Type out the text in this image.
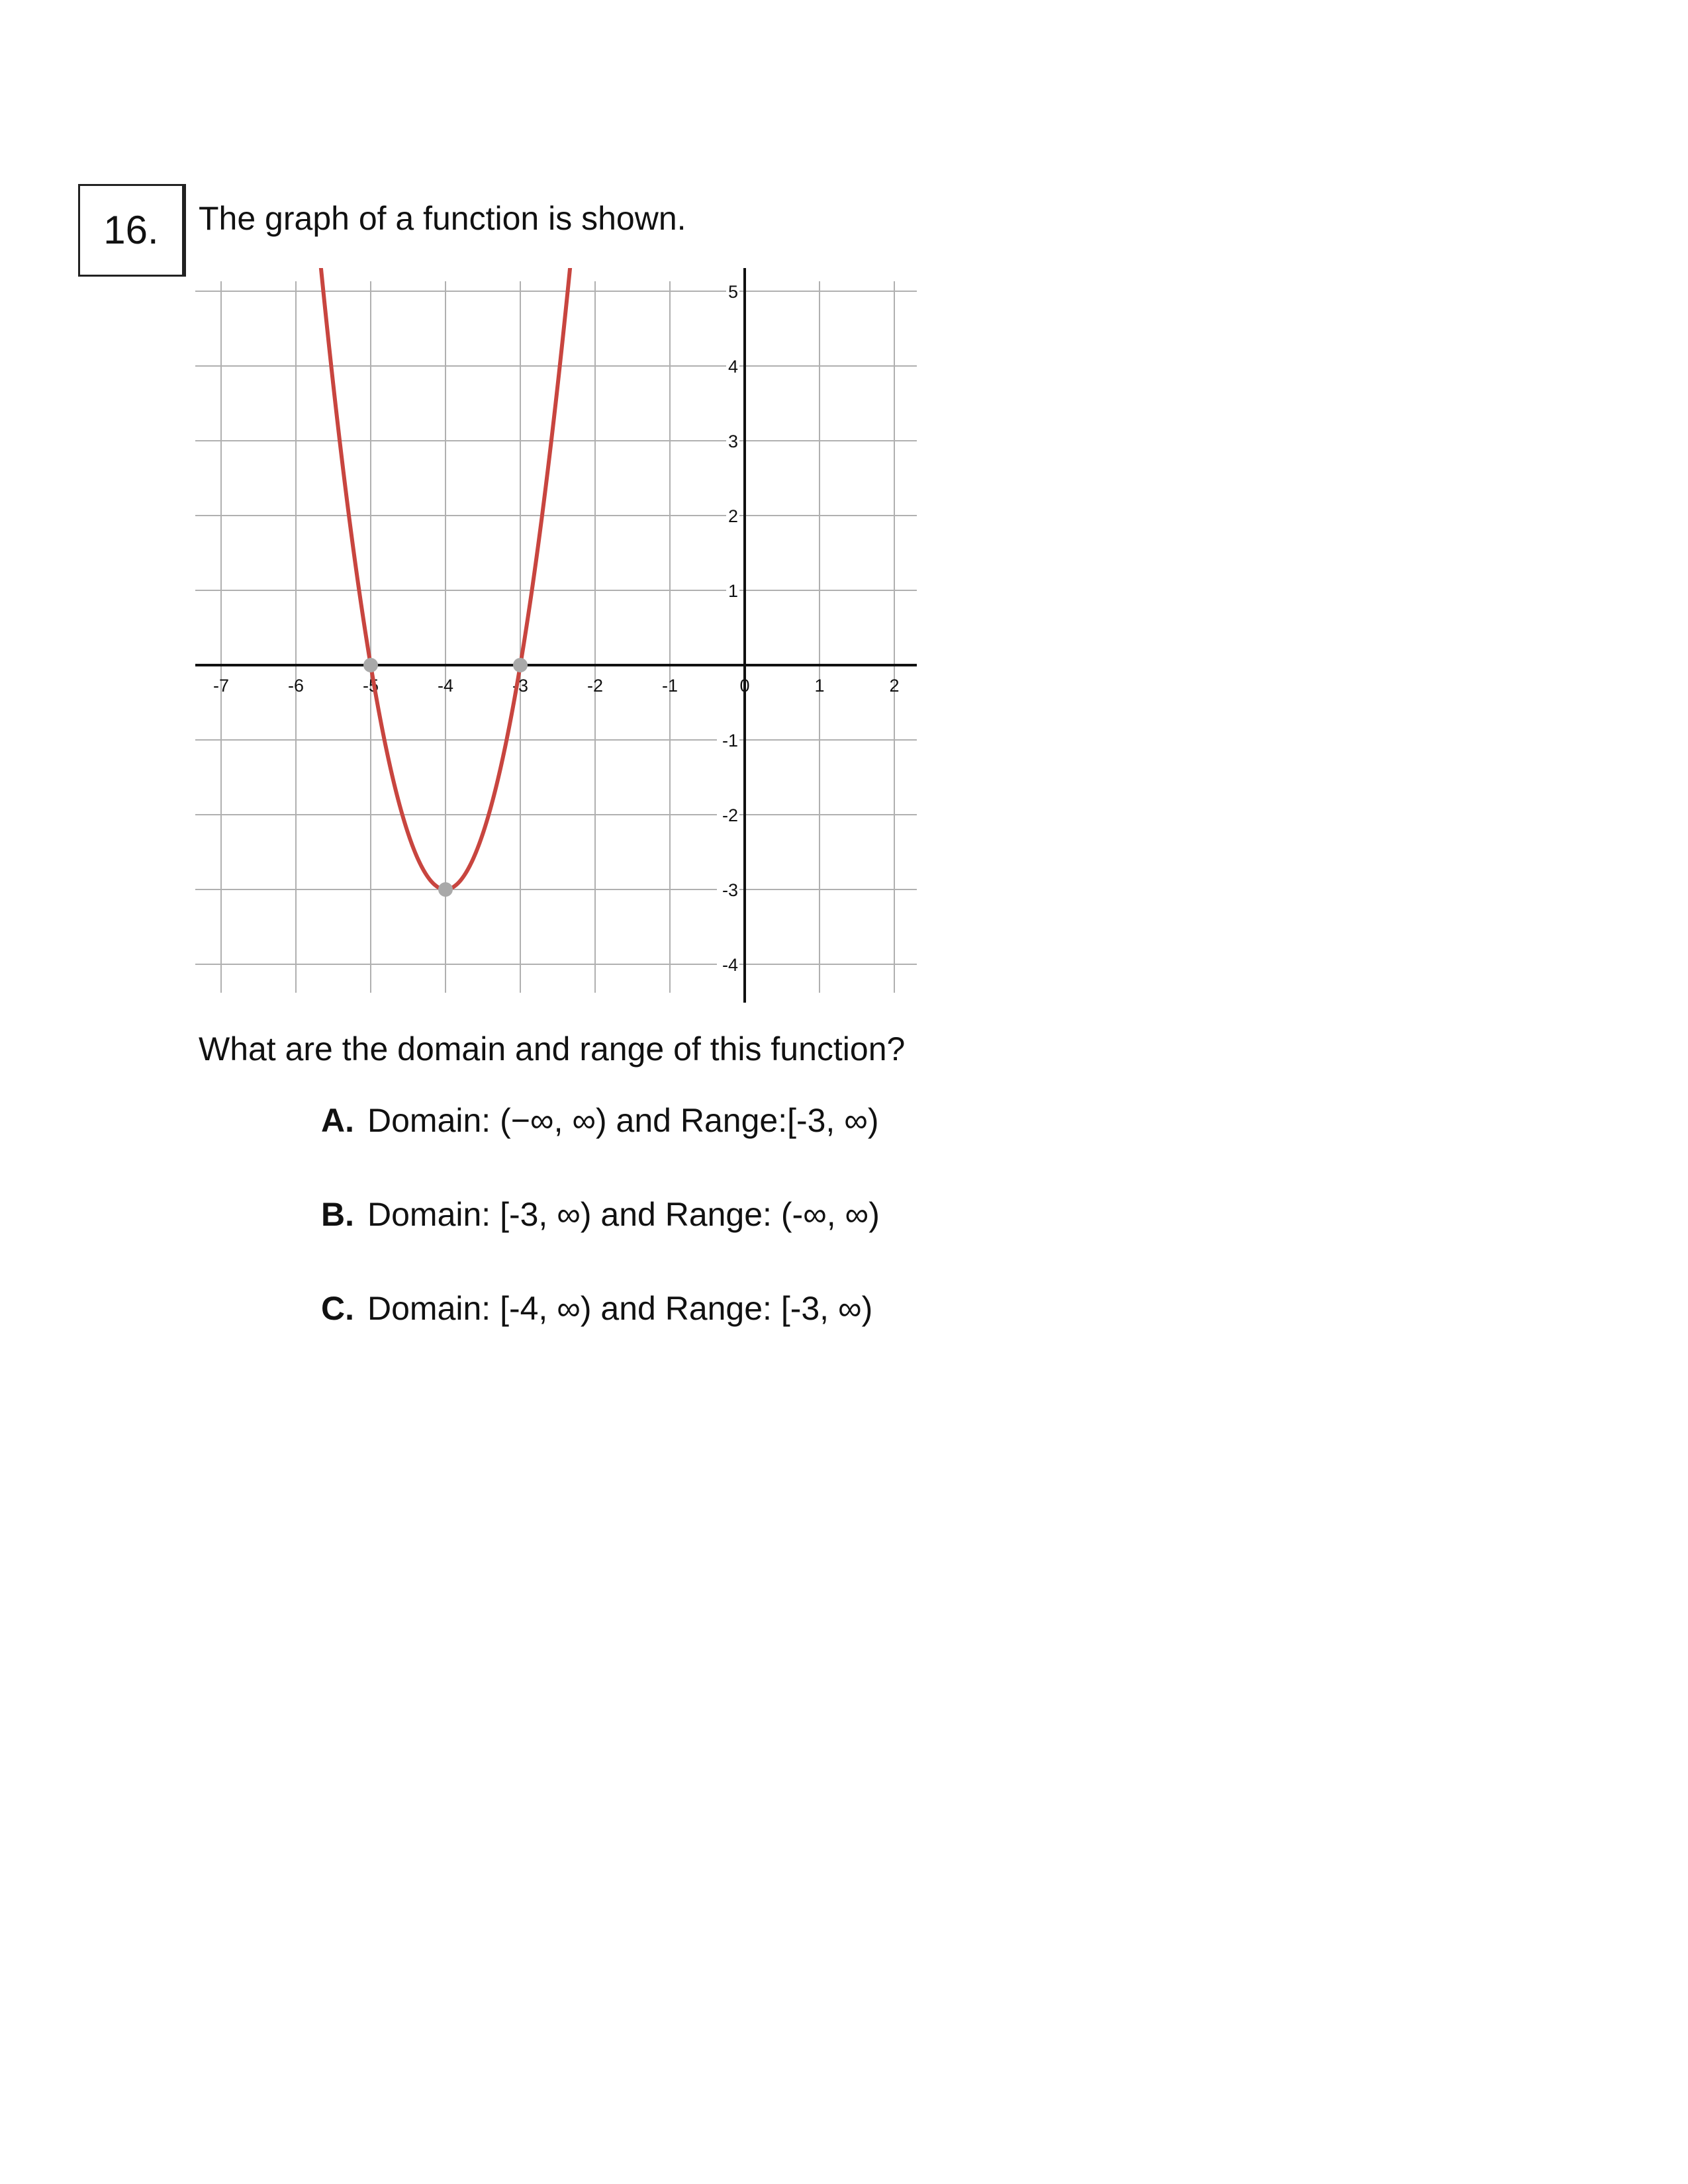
16.	The graph of a function is shown.
-7	-6	-5	-4	-3	-2	-1	0	1	2
5
4
3
2
1
-1
-2
-3
-4
What are the domain and range of this function?
A. Domain: (−∞, ∞) and Range:[-3, ∞)
B. Domain: [-3, ∞) and Range: (-∞, ∞)
C. Domain: [-4, ∞) and Range: [-3, ∞)
